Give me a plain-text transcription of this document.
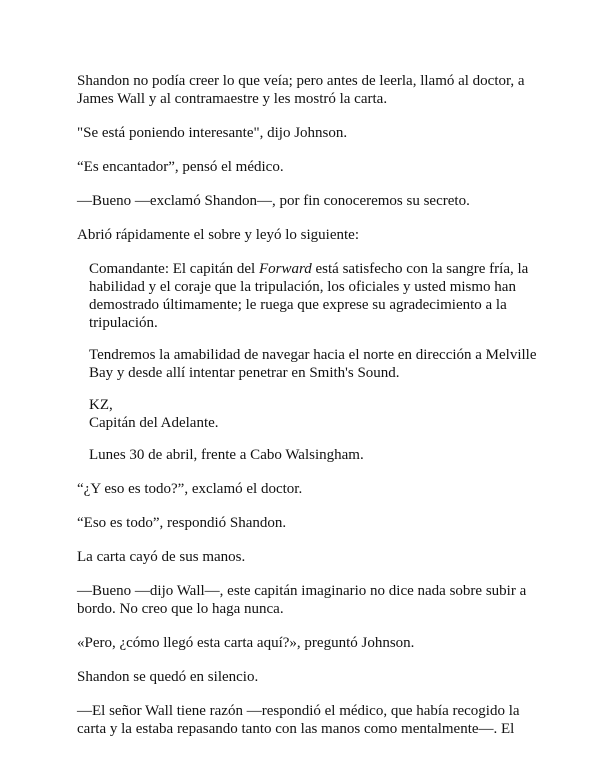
Shandon no podía creer lo que veía; pero antes de leerla, llamó al doctor, a James Wall y al contramaestre y les mostró la carta.

"Se está poniendo interesante", dijo Johnson.

“Es encantador”, pensó el médico.

—Bueno —exclamó Shandon—, por fin conoceremos su secreto.

Abrió rápidamente el sobre y leyó lo siguiente:

Comandante: El capitán del Forward está satisfecho con la sangre fría, la habilidad y el coraje que la tripulación, los oficiales y usted mismo han demostrado últimamente; le ruega que exprese su agradecimiento a la tripulación.

Tendremos la amabilidad de navegar hacia el norte en dirección a Melville Bay y desde allí intentar penetrar en Smith's Sound.

KZ,
Capitán del Adelante.

Lunes 30 de abril, frente a Cabo Walsingham.

“¿Y eso es todo?”, exclamó el doctor.

“Eso es todo”, respondió Shandon.

La carta cayó de sus manos.

—Bueno —dijo Wall—, este capitán imaginario no dice nada sobre subir a bordo. No creo que lo haga nunca.

«Pero, ¿cómo llegó esta carta aquí?», preguntó Johnson.

Shandon se quedó en silencio.

—El señor Wall tiene razón —respondió el médico, que había recogido la carta y la estaba repasando tanto con las manos como mentalmente—. El
